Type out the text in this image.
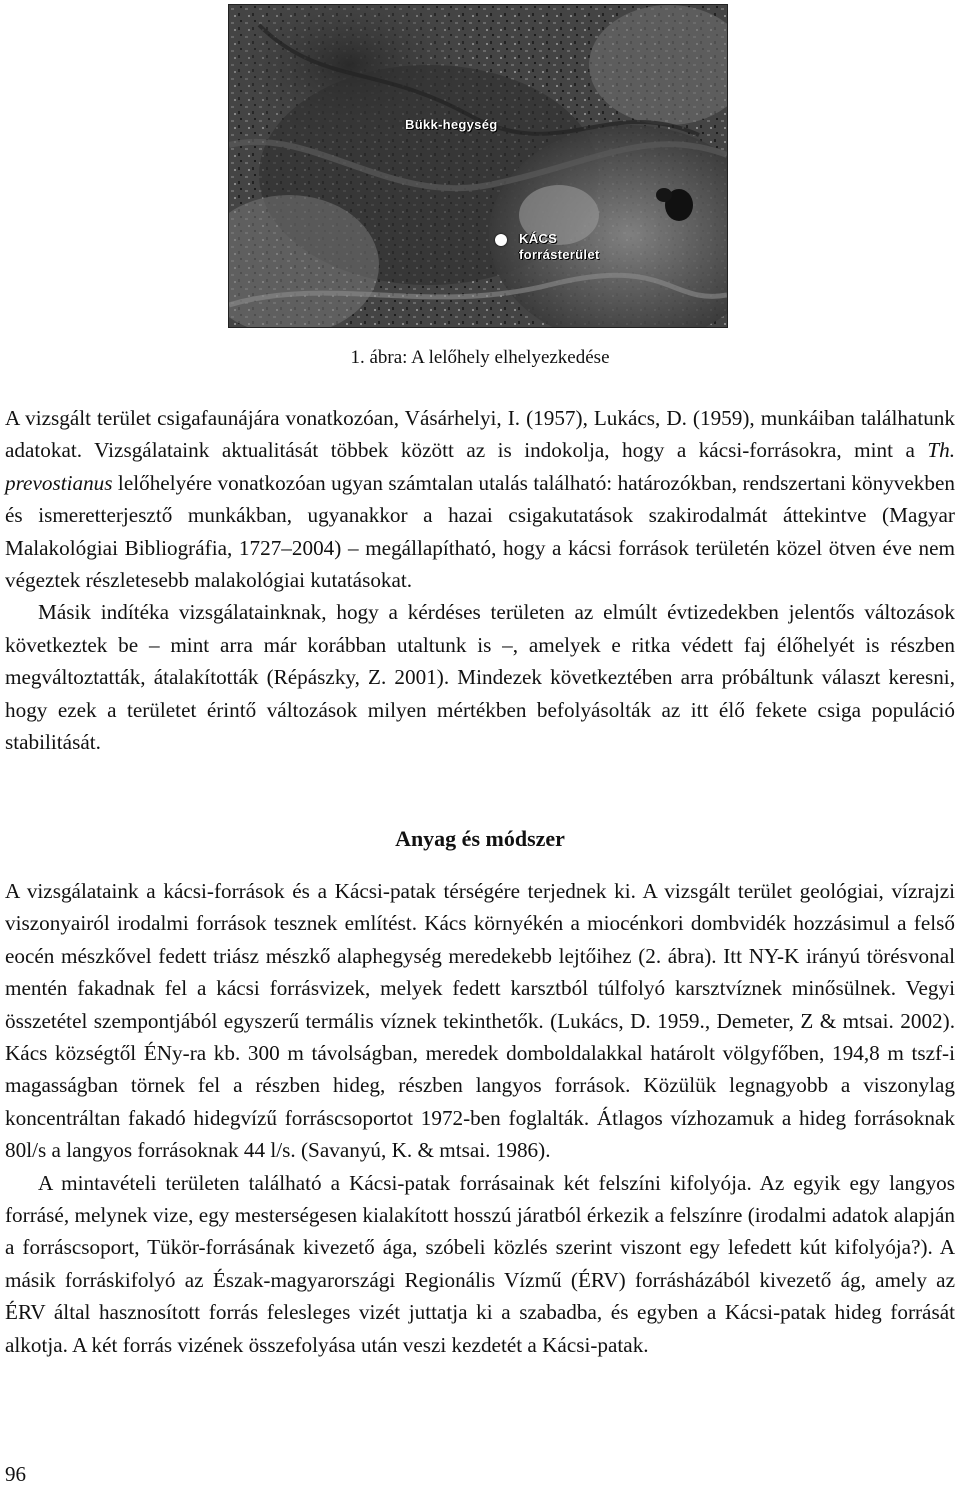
Bükk-hegység
KÁCS
forrásterület
1. ábra: A lelőhely elhelyezkedése

A vizsgált terület csigafaunájára vonatkozóan, Vásárhelyi, I. (1957), Lukács, D. (1959), munkáiban találhatunk adatokat. Vizsgálataink aktualitását többek között az is indokolja, hogy a kácsi-forrásokra, mint a Th. prevostianus lelőhelyére vonatkozóan ugyan számtalan utalás található: határozókban, rendszertani könyvekben és ismeretterjesztő munkákban, ugyanakkor a hazai csigakutatások szakirodalmát áttekintve (Magyar Malakológiai Bibliográfia, 1727–2004) – megállapítható, hogy a kácsi források területén közel ötven éve nem végeztek részletesebb malakológiai kutatásokat.

Másik indítéka vizsgálatainknak, hogy a kérdéses területen az elmúlt évtizedekben jelentős változások következtek be – mint arra már korábban utaltunk is –, amelyek e ritka védett faj élőhelyét is részben megváltoztatták, átalakították (Répászky, Z. 2001). Mindezek következtében arra próbáltunk választ keresni, hogy ezek a területet érintő változások milyen mértékben befolyásolták az itt élő fekete csiga populáció stabilitását.

Anyag és módszer

A vizsgálataink a kácsi-források és a Kácsi-patak térségére terjednek ki. A vizsgált terület geológiai, vízrajzi viszonyairól irodalmi források tesznek említést. Kács környékén a miocénkori dombvidék hozzásimul a felső eocén mészkővel fedett triász mészkő alaphegység meredekebb lejtőihez (2. ábra). Itt NY-K irányú törésvonal mentén fakadnak fel a kácsi forrásvizek, melyek fedett karsztból túlfolyó karsztvíznek minősülnek. Vegyi összetétel szempontjából egyszerű termális víznek tekinthetők. (Lukács, D. 1959., Demeter, Z & mtsai. 2002). Kács községtől ÉNy-ra kb. 300 m távolságban, meredek domboldalakkal határolt völgyfőben, 194,8 m tszf-i magasságban törnek fel a részben hideg, részben langyos források. Közülük legnagyobb a viszonylag koncentráltan fakadó hidegvízű forráscsoportot 1972-ben foglalták. Átlagos vízhozamuk a hideg forrásoknak 80l/s a langyos forrásoknak 44 l/s. (Savanyú, K. & mtsai. 1986).

A mintavételi területen található a Kácsi-patak forrásainak két felszíni kifolyója. Az egyik egy langyos forrásé, melynek vize, egy mesterségesen kialakított hosszú járatból érkezik a felszínre (irodalmi adatok alapján a forráscsoport, Tükör-forrásának kivezető ága, szóbeli közlés szerint viszont egy lefedett kút kifolyója?). A másik forráskifolyó az Észak-magyarországi Regionális Vízmű (ÉRV) forrásházából kivezető ág, amely az ÉRV által hasznosított forrás felesleges vizét juttatja ki a szabadba, és egyben a Kácsi-patak hideg forrását alkotja. A két forrás vizének összefolyása után veszi kezdetét a Kácsi-patak.

96
